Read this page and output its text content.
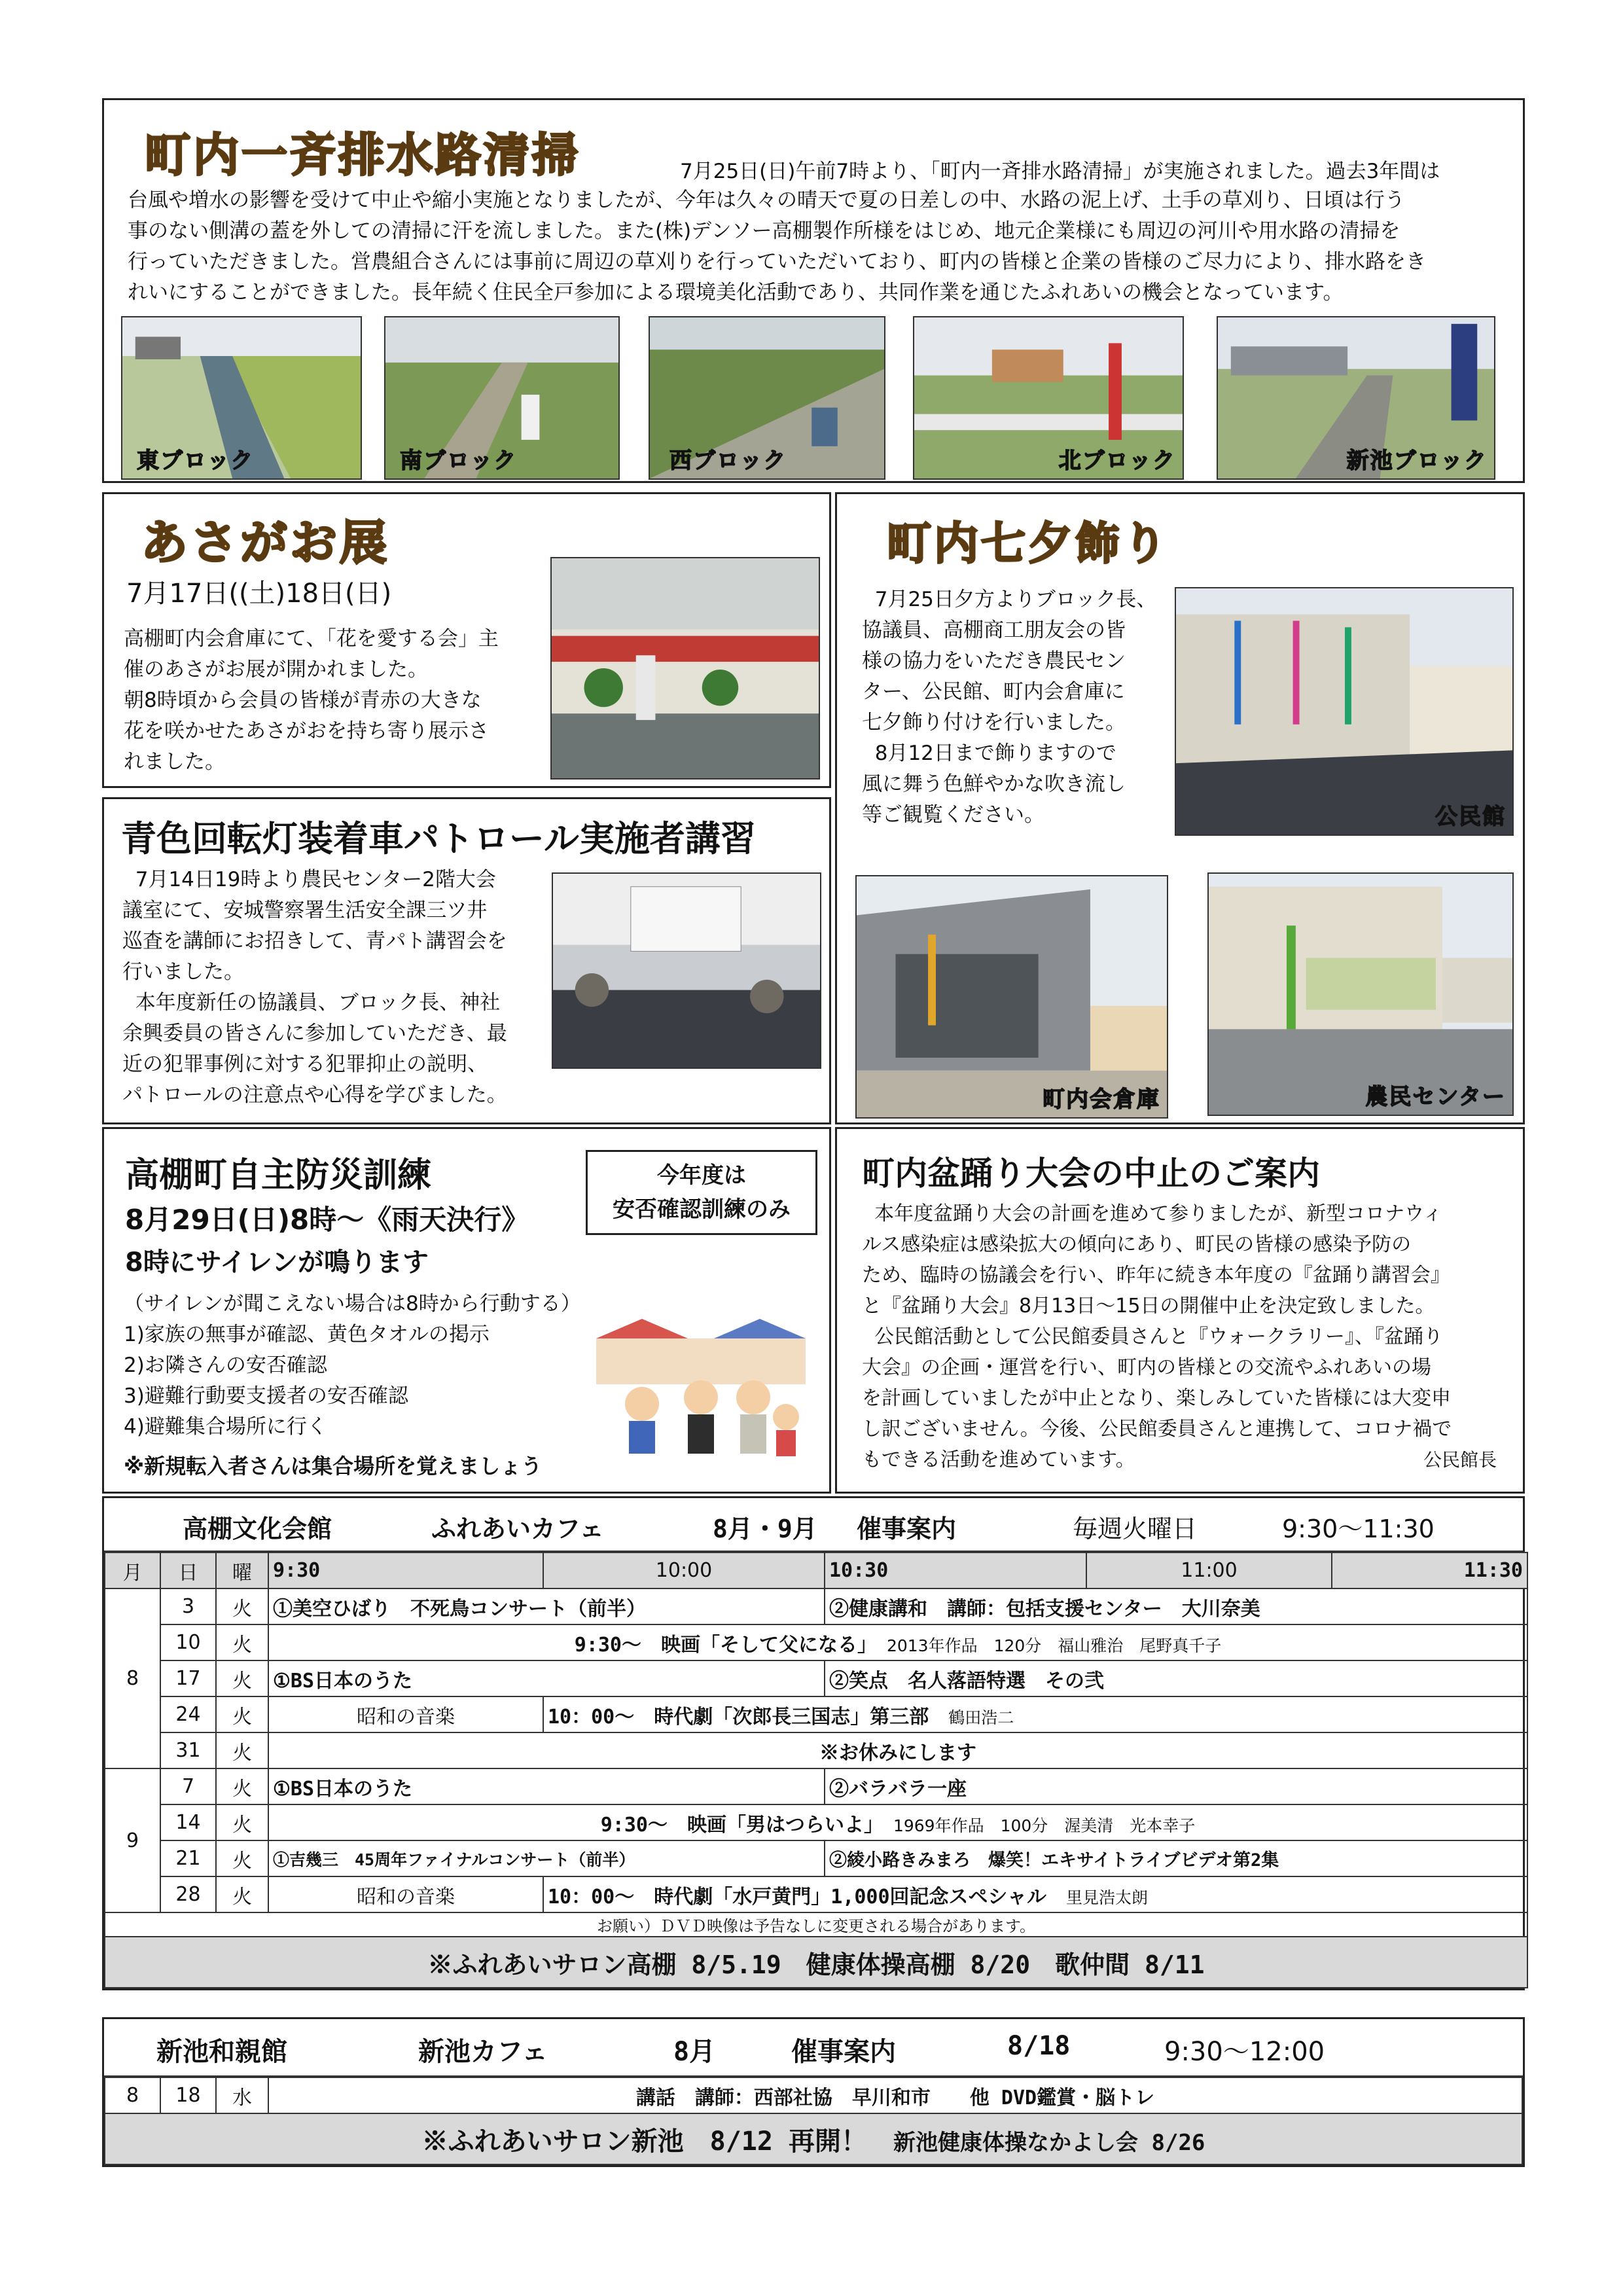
町内一斉排水路清掃	7月25日(日)午前7時より、「町内一斉排水路清掃」が実施されました。過去3年間は
台風や増水の影響を受けて中止や縮小実施となりましたが、今年は久々の晴天で夏の日差しの中、水路の泥上げ、土手の草刈り、日頃は行う
事のない側溝の蓋を外しての清掃に汗を流しました。また(株)デンソー高棚製作所様をはじめ、地元企業様にも周辺の河川や用水路の清掃を
行っていただきました。営農組合さんには事前に周辺の草刈りを行っていただいており、町内の皆様と企業の皆様のご尽力により、排水路をき
れいにすることができました。長年続く住民全戸参加による環境美化活動であり、共同作業を通じたふれあいの機会となっています。
東ブロック	南ブロック	西ブロック	北ブロック	新池ブロック
あさがお展
7月17日((土)18日(日)
高棚町内会倉庫にて、「花を愛する会」主
催のあさがお展が開かれました。
朝8時頃から会員の皆様が青赤の大きな
花を咲かせたあさがおを持ち寄り展示さ
れました。
町内七夕飾り
7月25日夕方よりブロック長、
協議員、高棚商工朋友会の皆
様の協力をいただき農民セン
ター、公民館、町内会倉庫に
七夕飾り付けを行いました。
8月12日まで飾りますので
風に舞う色鮮やかな吹き流し
等ご観覧ください。	公民館
町内会倉庫	農民センター
青色回転灯装着車パトロール実施者講習
7月14日19時より農民センター2階大会
議室にて、安城警察署生活安全課三ツ井
巡査を講師にお招きして、青パト講習会を
行いました。
本年度新任の協議員、ブロック長、神社
余興委員の皆さんに参加していただき、最
近の犯罪事例に対する犯罪抑止の説明、
パトロールの注意点や心得を学びました。
高棚町自主防災訓練
8月29日(日)8時～《雨天決行》
8時にサイレンが鳴ります
今年度は
安否確認訓練のみ
（サイレンが聞こえない場合は8時から行動する）
1)家族の無事が確認、黄色タオルの掲示
2)お隣さんの安否確認
3)避難行動要支援者の安否確認
4)避難集合場所に行く
※新規転入者さんは集合場所を覚えましょう
町内盆踊り大会の中止のご案内
本年度盆踊り大会の計画を進めて参りましたが、新型コロナウィ
ルス感染症は感染拡大の傾向にあり、町民の皆様の感染予防の
ため、臨時の協議会を行い、昨年に続き本年度の『盆踊り講習会』
と『盆踊り大会』8月13日～15日の開催中止を決定致しました。
公民館活動として公民館委員さんと『ウォークラリー』、『盆踊り
大会』の企画・運営を行い、町内の皆様との交流やふれあいの場
を計画していましたが中止となり、楽しみしていた皆様には大変申
し訳ございません。今後、公民館委員さんと連携して、コロナ禍で
もできる活動を進めています。	公民館長
高棚文化会館	ふれあいカフェ	8月・9月 催事案内	毎週火曜日	9:30～11:30
月	日	曜	9:30	10:00	10:30	11:00	11:30
8	3	火	①美空ひばり　不死鳥コンサート（前半）		②健康講和　講師：包括支援センター　大川奈美		
	10	火	9:30～　映画「そして父になる」　 2013年作品　120分　福山雅治　尾野真千子				
	17	火	①BS日本のうた		②笑点　名人落語特選　その弐		
	24	火	昭和の音楽	10：00～　時代劇「次郎長三国志」第三部　 鶴田浩二			
	31	火	※お休みにします				
9	7	火	①BS日本のうた		②バラバラ一座		
	14	火	9:30～　映画「男はつらいよ」　 1969年作品　100分　渥美清　光本幸子				
	21	火	①吉幾三　45周年ファイナルコンサート（前半）		②綾小路きみまろ　爆笑！エキサイトライブビデオ第2集		
	28	火	昭和の音楽	10：00～　時代劇「水戸黄門」1,000回記念スペシャル　 里見浩太朗			
お願い）ＤＶＤ映像は予告なしに変更される場合があります。							
※ふれあいサロン高棚 8/5.19　健康体操高棚 8/20　歌仲間 8/11							
新池和親館	新池カフェ	8月	催事案内	8/18	9:30～12:00
8	18	水	講話　講師：西部社協　早川和市　　他 DVD鑑賞・脳トレ
※ふれあいサロン新池　8/12 再開！　 新池健康体操なかよし会 8/26
